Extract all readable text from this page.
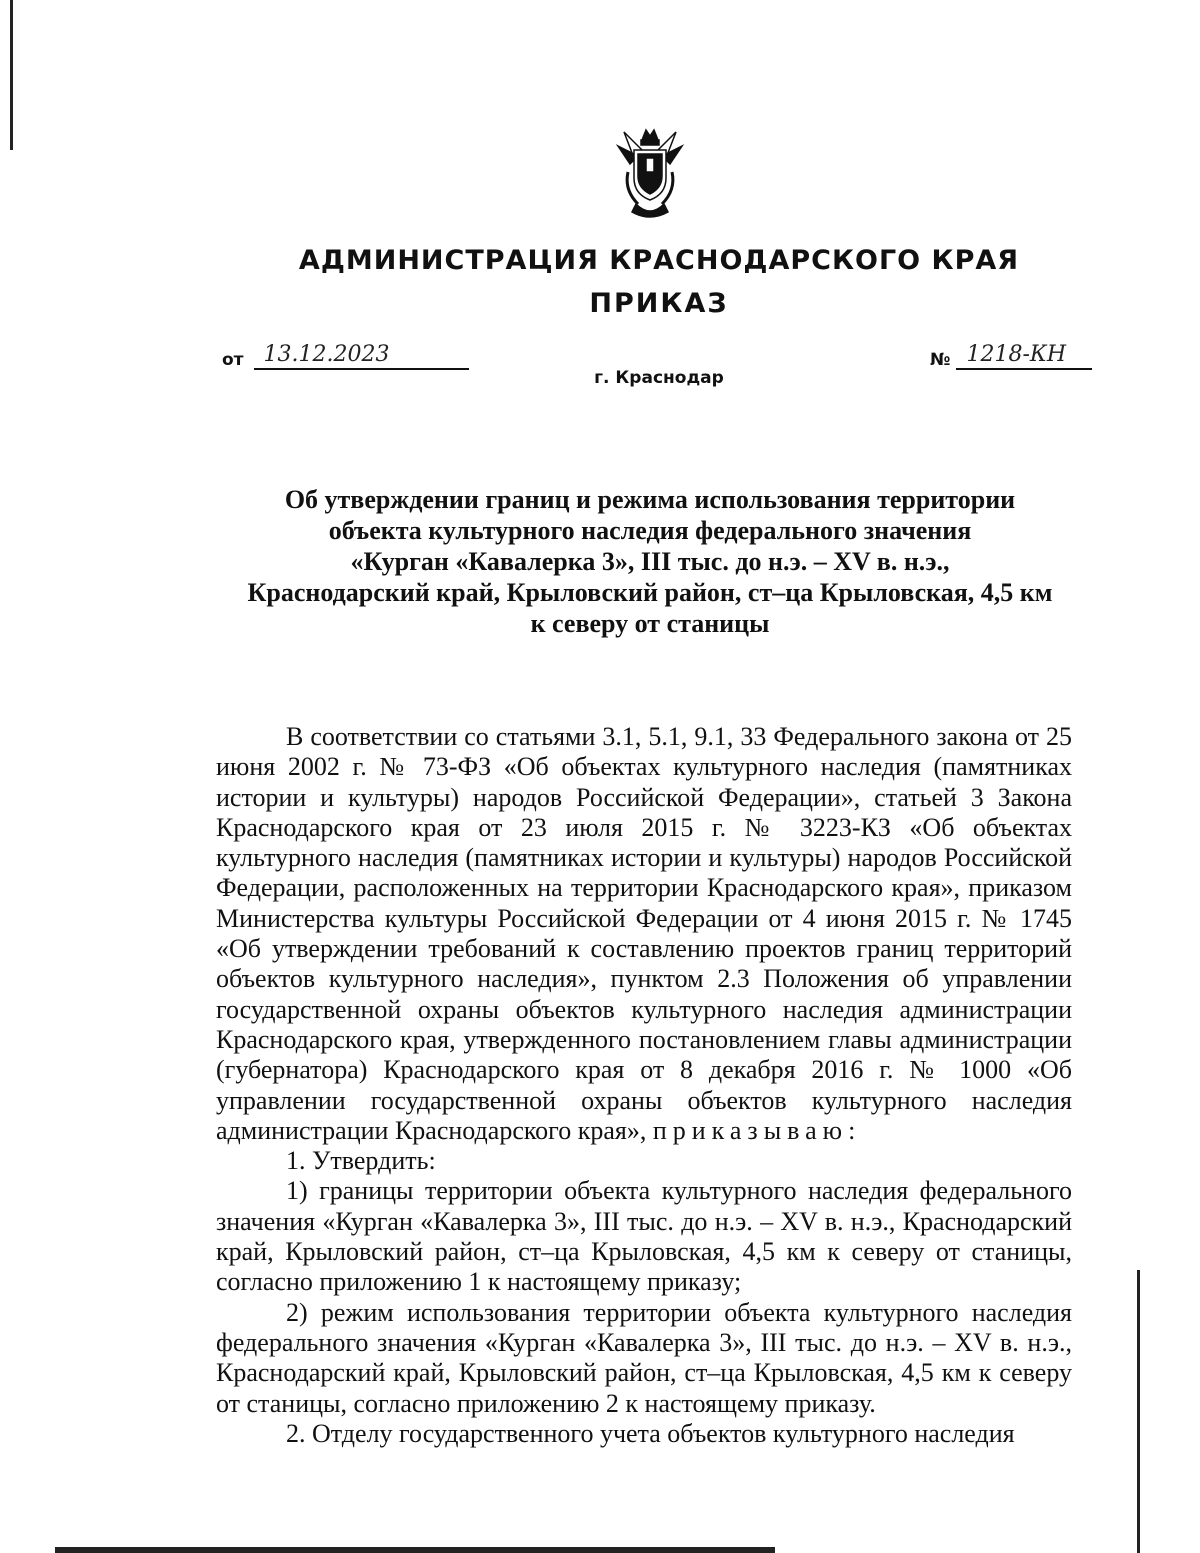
АДМИНИСТРАЦИЯ КРАСНОДАРСКОГО КРАЯ
ПРИКАЗ
от 13.12.2023
г. Краснодар
№ 1218-КН
Об утверждении границ и режима использования территории
объекта культурного наследия федерального значения
«Курган «Кавалерка 3», III тыс. до н.э. – XV в. н.э.,
Краснодарский край, Крыловский район, ст–ца Крыловская, 4,5 км
к северу от станицы

В соответствии со статьями 3.1, 5.1, 9.1, 33 Федерального закона от 25 июня 2002 г. № 73-ФЗ «Об объектах культурного наследия (памятниках истории и культуры) народов Российской Федерации», статьей 3 Закона Краснодарского края от 23 июля 2015 г. № 3223-КЗ «Об объектах культурного наследия (памятниках истории и культуры) народов Российской Федерации, расположенных на территории Краснодарского края», приказом Министерства культуры Российской Федерации от 4 июня 2015 г. № 1745 «Об утверждении требований к составлению проектов границ территорий объектов культурного наследия», пунктом 2.3 Положения об управлении государственной охраны объектов культурного наследия администрации Краснодарского края, утвержденного постановлением главы администрации (губернатора) Краснодарского края от 8 декабря 2016 г. № 1000 «Об управлении государственной охраны объектов культурного наследия администрации Краснодарского края», приказываю:

1. Утвердить:

1) границы территории объекта культурного наследия федерального значения «Курган «Кавалерка 3», III тыс. до н.э. – XV в. н.э., Краснодарский край, Крыловский район, ст–ца Крыловская, 4,5 км к северу от станицы, согласно приложению 1 к настоящему приказу;

2) режим использования территории объекта культурного наследия федерального значения «Курган «Кавалерка 3», III тыс. до н.э. – XV в. н.э., Краснодарский край, Крыловский район, ст–ца Крыловская, 4,5 км к северу от станицы, согласно приложению 2 к настоящему приказу.

2. Отделу государственного учета объектов культурного наследия
